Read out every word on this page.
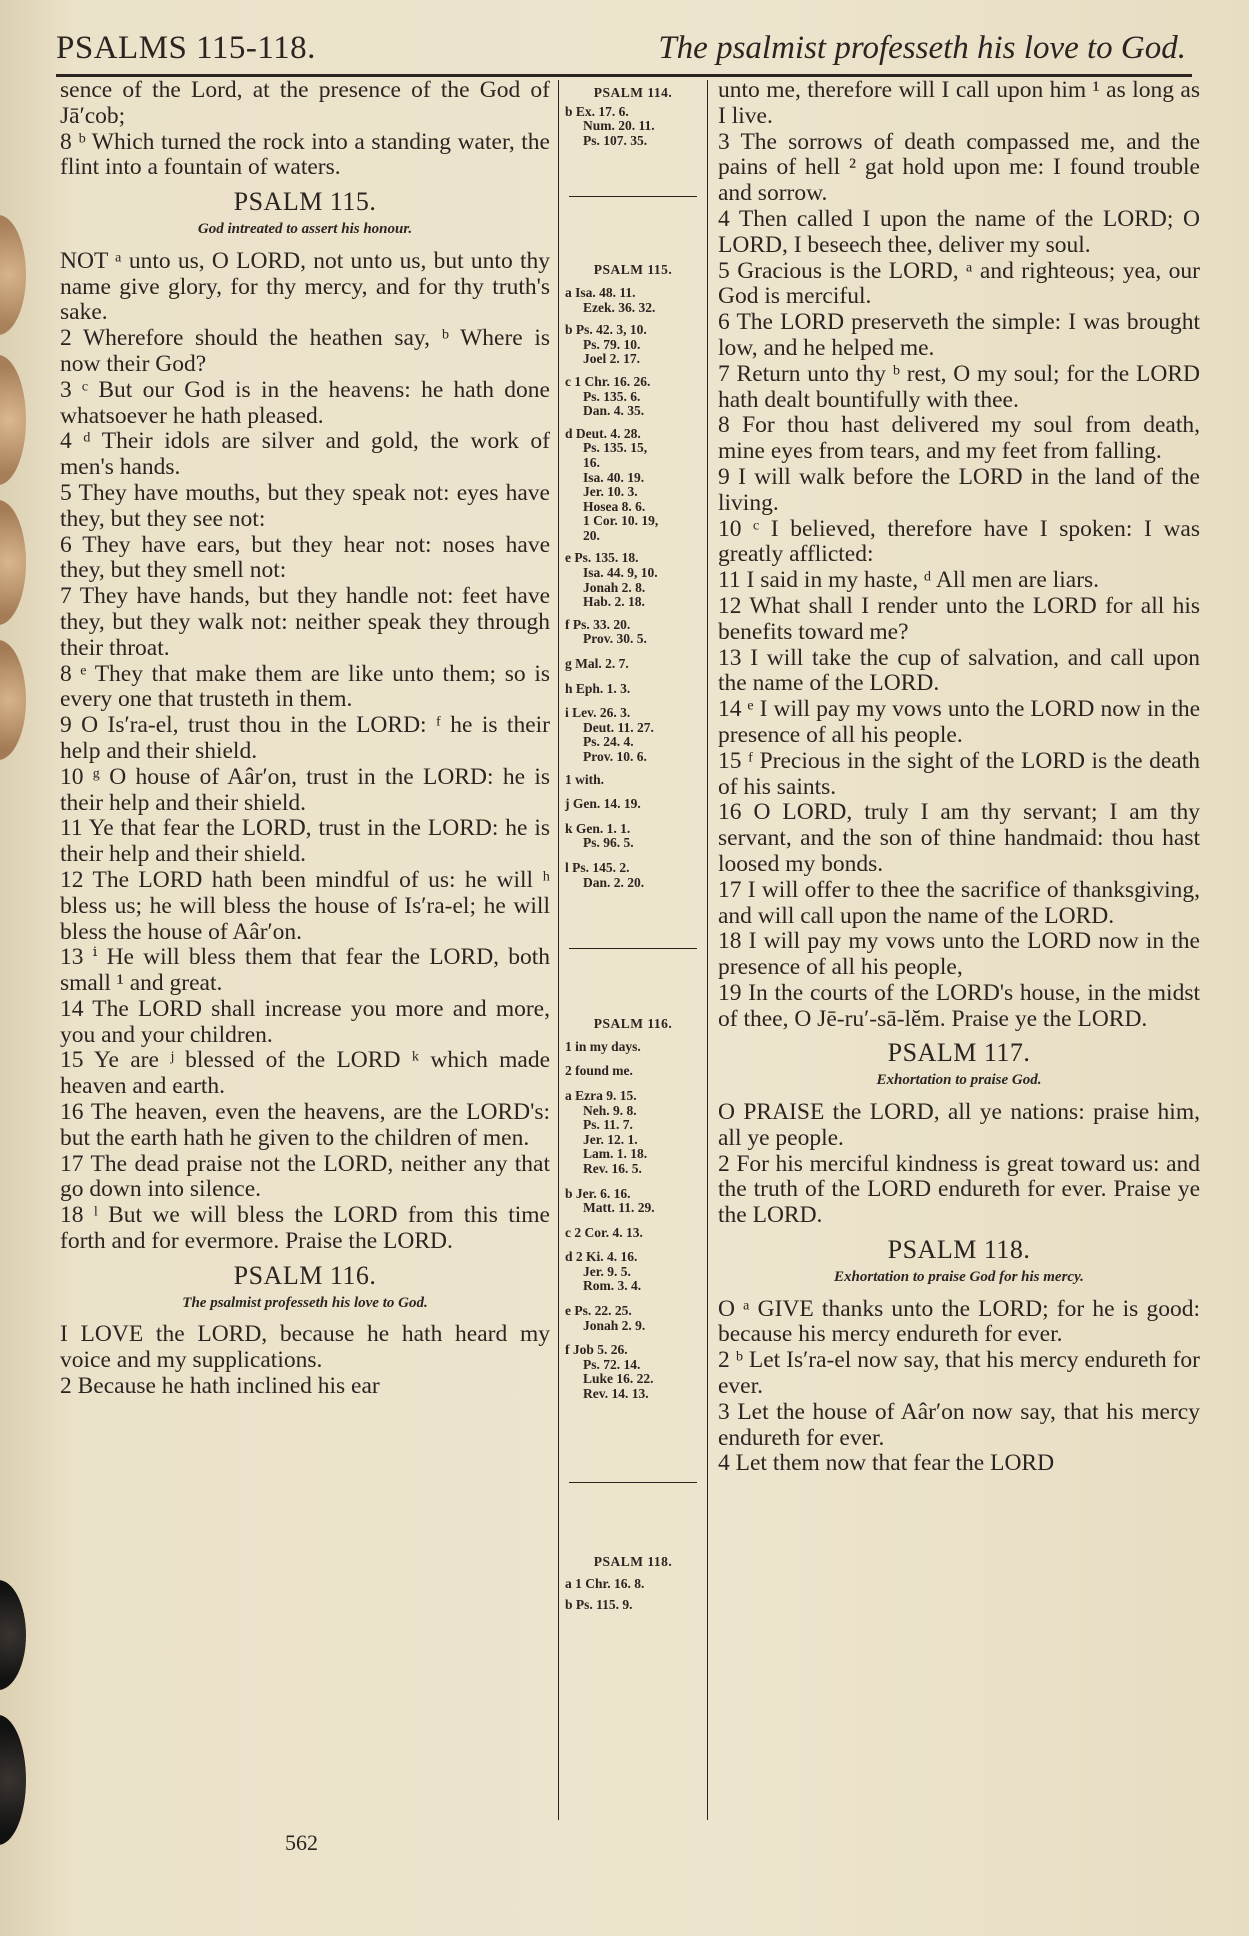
PSALMS 115-118.	The psalmist professeth his love to God.

sence of the Lord, at the presence of the God of Jā′cob;

8 ᵇ Which turned the rock into a standing water, the flint into a fountain of waters.

PSALM 115.
God intreated to assert his honour.

NOT ᵃ unto us, O LORD, not unto us, but unto thy name give glory, for thy mercy, and for thy truth's sake.

2 Wherefore should the heathen say, ᵇ Where is now their God?

3 ᶜ But our God is in the heavens: he hath done whatsoever he hath pleased.

4 ᵈ Their idols are silver and gold, the work of men's hands.

5 They have mouths, but they speak not: eyes have they, but they see not:

6 They have ears, but they hear not: noses have they, but they smell not:

7 They have hands, but they handle not: feet have they, but they walk not: neither speak they through their throat.

8 ᵉ They that make them are like unto them; so is every one that trusteth in them.

9 O Is′ra-el, trust thou in the LORD: ᶠ he is their help and their shield.

10 ᵍ O house of Aâr′on, trust in the LORD: he is their help and their shield.

11 Ye that fear the LORD, trust in the LORD: he is their help and their shield.

12 The LORD hath been mindful of us: he will ʰ bless us; he will bless the house of Is′ra-el; he will bless the house of Aâr′on.

13 ⁱ He will bless them that fear the LORD, both small ¹ and great.

14 The LORD shall increase you more and more, you and your children.

15 Ye are ʲ blessed of the LORD ᵏ which made heaven and earth.

16 The heaven, even the heavens, are the LORD's: but the earth hath he given to the children of men.

17 The dead praise not the LORD, neither any that go down into silence.

18 ˡ But we will bless the LORD from this time forth and for evermore. Praise the LORD.

PSALM 116.
The psalmist professeth his love to God.

I LOVE the LORD, because he hath heard my voice and my supplications.

2 Because he hath inclined his ear

PSALM 114.
b Ex. 17. 6.
Num. 20. 11.
Ps. 107. 35.
PSALM 115.
a Isa. 48. 11.
Ezek. 36. 32.
b Ps. 42. 3, 10.
Ps. 79. 10.
Joel 2. 17.
c 1 Chr. 16. 26.
Ps. 135. 6.
Dan. 4. 35.
d Deut. 4. 28.
Ps. 135. 15,
16.
Isa. 40. 19.
Jer. 10. 3.
Hosea 8. 6.
1 Cor. 10. 19,
20.
e Ps. 135. 18.
Isa. 44. 9, 10.
Jonah 2. 8.
Hab. 2. 18.
f Ps. 33. 20.
Prov. 30. 5.
g Mal. 2. 7.
h Eph. 1. 3.
i Lev. 26. 3.
Deut. 11. 27.
Ps. 24. 4.
Prov. 10. 6.
1 with.
j Gen. 14. 19.
k Gen. 1. 1.
Ps. 96. 5.
l Ps. 145. 2.
Dan. 2. 20.
PSALM 116.
1 in my days.
2 found me.
a Ezra 9. 15.
Neh. 9. 8.
Ps. 11. 7.
Jer. 12. 1.
Lam. 1. 18.
Rev. 16. 5.
b Jer. 6. 16.
Matt. 11. 29.
c 2 Cor. 4. 13.
d 2 Ki. 4. 16.
Jer. 9. 5.
Rom. 3. 4.
e Ps. 22. 25.
Jonah 2. 9.
f Job 5. 26.
Ps. 72. 14.
Luke 16. 22.
Rev. 14. 13.
PSALM 118.
a 1 Chr. 16. 8.
b Ps. 115. 9.

unto me, therefore will I call upon him ¹ as long as I live.

3 The sorrows of death compassed me, and the pains of hell ² gat hold upon me: I found trouble and sorrow.

4 Then called I upon the name of the LORD; O LORD, I beseech thee, deliver my soul.

5 Gracious is the LORD, ᵃ and righteous; yea, our God is merciful.

6 The LORD preserveth the simple: I was brought low, and he helped me.

7 Return unto thy ᵇ rest, O my soul; for the LORD hath dealt bountifully with thee.

8 For thou hast delivered my soul from death, mine eyes from tears, and my feet from falling.

9 I will walk before the LORD in the land of the living.

10 ᶜ I believed, therefore have I spoken: I was greatly afflicted:

11 I said in my haste, ᵈ All men are liars.

12 What shall I render unto the LORD for all his benefits toward me?

13 I will take the cup of salvation, and call upon the name of the LORD.

14 ᵉ I will pay my vows unto the LORD now in the presence of all his people.

15 ᶠ Precious in the sight of the LORD is the death of his saints.

16 O LORD, truly I am thy servant; I am thy servant, and the son of thine handmaid: thou hast loosed my bonds.

17 I will offer to thee the sacrifice of thanksgiving, and will call upon the name of the LORD.

18 I will pay my vows unto the LORD now in the presence of all his people,

19 In the courts of the LORD's house, in the midst of thee, O Jē-ru′-sā-lĕm. Praise ye the LORD.

PSALM 117.
Exhortation to praise God.

O PRAISE the LORD, all ye nations: praise him, all ye people.

2 For his merciful kindness is great toward us: and the truth of the LORD endureth for ever. Praise ye the LORD.

PSALM 118.
Exhortation to praise God for his mercy.

O ᵃ GIVE thanks unto the LORD; for he is good: because his mercy endureth for ever.

2 ᵇ Let Is′ra-el now say, that his mercy endureth for ever.

3 Let the house of Aâr′on now say, that his mercy endureth for ever.

4 Let them now that fear the LORD

562
